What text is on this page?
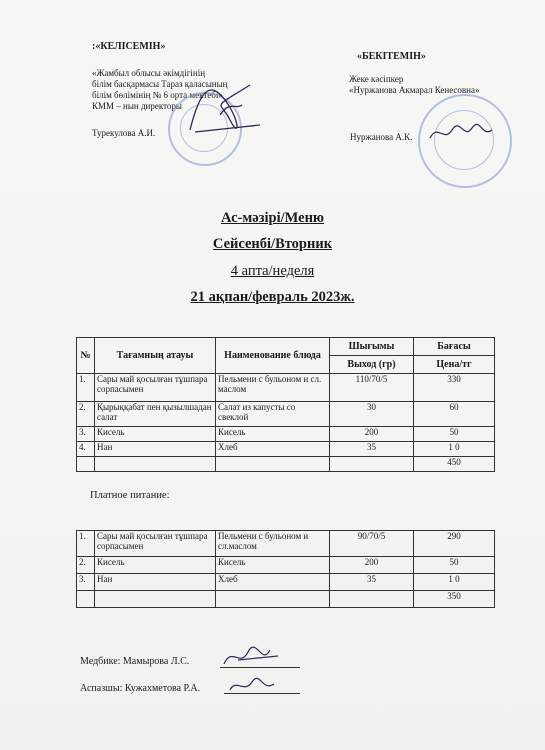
:«КЕЛІСЕМІН»
«Жамбыл облысы әкімдігінің
білім басқармасы Тараз қаласының
білім бөлімінің № 6 орта мектебі»
КММ – нын директоры
Турекулова А.И.
«БЕКІТЕМІН»
Жеке кәсіпкер
«Нуржанова Акмарал Кенесовна»
Нуржанова А.К.
Ас-мәзірі/Меню
Сейсенбі/Вторник
4 апта/неделя
21 ақпан/февраль 2023ж.
№	Тағамның атауы	Наименование блюда	Шығымы	Бағасы
			Выход (гр)	Цена/тг
1.	Сары май қосылған тұшпара сорпасымен	Пельмени с бульоном и сл. маслом	110/70/5	330
2.	Қырыққабат пен қызылшадан салат	Салат из капусты со свеклой	30	60
3.	Кисель	Кисель	200	50
4.	Нан	Хлеб	35	1 0
				450
Платное питание:
1.	Сары май қосылған тұшпара сорпасымен	Пельмени с бульоном и сл.маслом	90/70/5	290
2.	Кисель	Кисель	200	50
3.	Нан	Хлеб	35	1 0
				350
Медбике: Мамырова Л.С.
Аспазшы: Кужахметова Р.А.
